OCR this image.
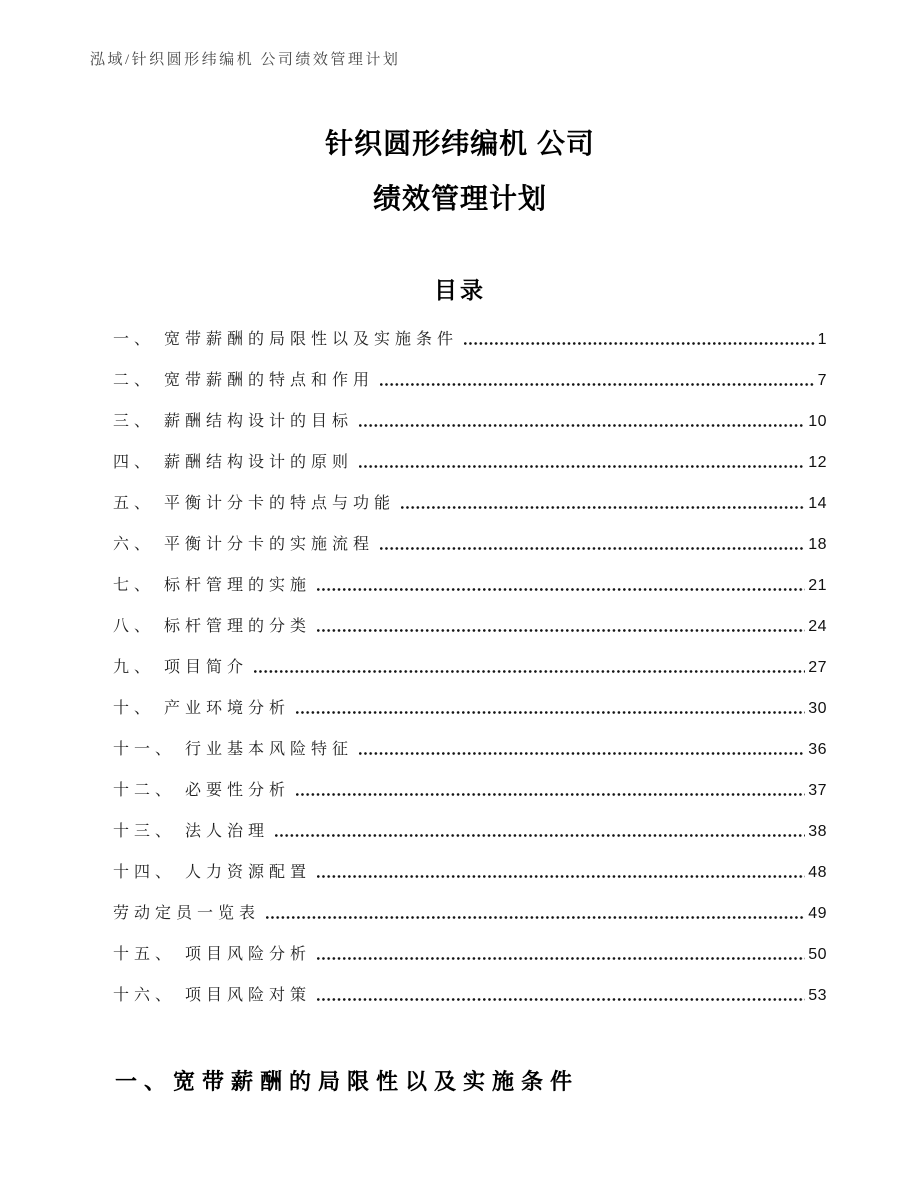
泓域/针织圆形纬编机 公司绩效管理计划
针织圆形纬编机 公司
绩效管理计划
目录
一、 宽带薪酬的局限性以及实施条件	1
二、 宽带薪酬的特点和作用	7
三、 薪酬结构设计的目标	10
四、 薪酬结构设计的原则	12
五、 平衡计分卡的特点与功能	14
六、 平衡计分卡的实施流程	18
七、 标杆管理的实施	21
八、 标杆管理的分类	24
九、 项目简介	27
十、 产业环境分析	30
十一、 行业基本风险特征	36
十二、 必要性分析	37
十三、 法人治理	38
十四、 人力资源配置	48
劳动定员一览表	49
十五、 项目风险分析	50
十六、 项目风险对策	53
一、宽带薪酬的局限性以及实施条件
